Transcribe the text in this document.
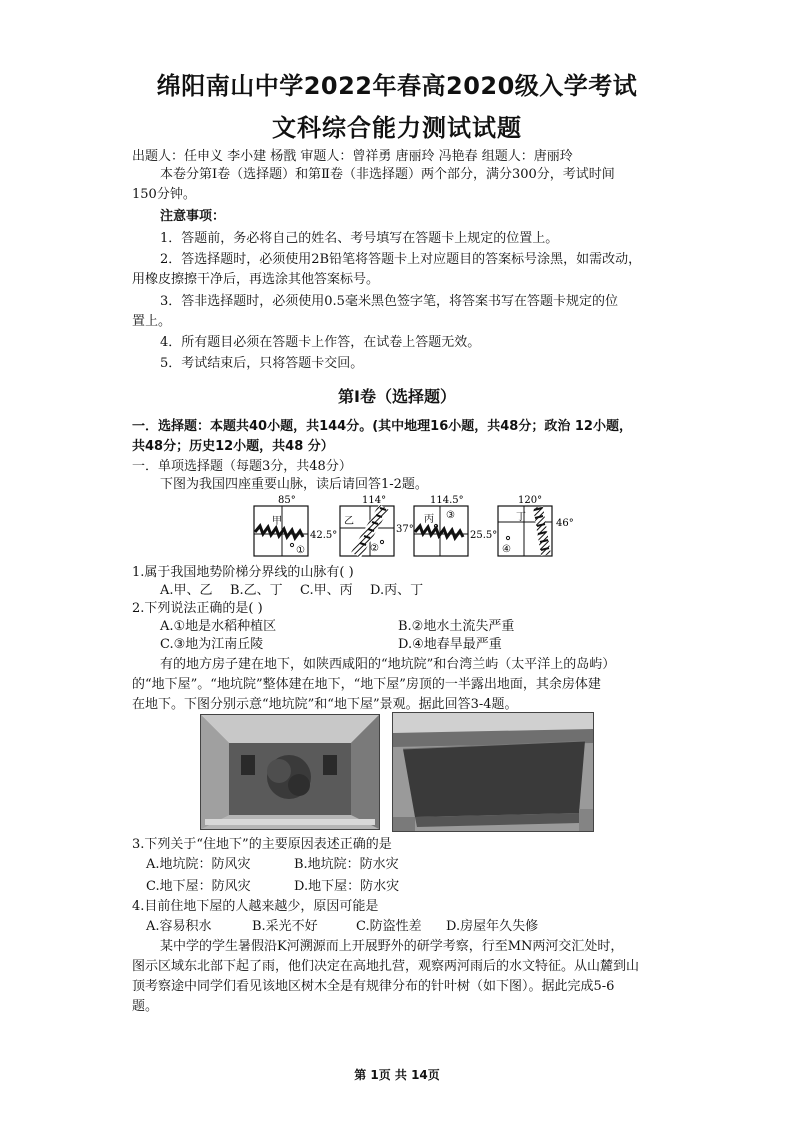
绵阳南山中学2022年春高2020级入学考试
文科综合能力测试试题
出题人：任申义 李小建 杨戬 审题人：曾祥勇 唐丽玲 冯艳春 组题人：唐丽玲
本卷分第Ⅰ卷（选择题）和第Ⅱ卷（非选择题）两个部分，满分300分，考试时间
150分钟。
注意事项：
1．答题前，务必将自己的姓名、考号填写在答题卡上规定的位置上。
2．答选择题时，必须使用2B铅笔将答题卡上对应题目的答案标号涂黑，如需改动，
用橡皮擦擦干净后，再选涂其他答案标号。
3．答非选择题时，必须使用0.5毫米黑色签字笔，将答案书写在答题卡规定的位
置上。
4．所有题目必须在答题卡上作答，在试卷上答题无效。
5．考试结束后，只将答题卡交回。
第Ⅰ卷（选择题）
一．选择题：本题共40小题，共144分。(其中地理16小题，共48分；政治 12小题，
共48分；历史12小题，共48 分）
一．单项选择题（每题3分，共48分）
下图为我国四座重要山脉，读后请回答1-2题。
85°
甲
①
42.5°
114°
乙
②
37°
114.5°
丙 ③
25.5°
120°
丁
④
46°
1.属于我国地势阶梯分界线的山脉有( )
A.甲、乙 B.乙、丁 C.甲、丙 D.丙、丁
2.下列说法正确的是( )
A.①地是水稻种植区	B.②地水土流失严重
C.③地为江南丘陵	D.④地春旱最严重
有的地方房子建在地下，如陕西咸阳的“地坑院”和台湾兰屿（太平洋上的岛屿）
的“地下屋”。“地坑院”整体建在地下，“地下屋”房顶的一半露出地面，其余房体建
在地下。下图分别示意“地坑院”和“地下屋”景观。据此回答3-4题。
3.下列关于“住地下”的主要原因表述正确的是
A.地坑院：防风灾	B.地坑院：防水灾
C.地下屋：防风灾	D.地下屋：防水灾
4.目前住地下屋的人越来越少，原因可能是
A.容易积水	B.采光不好	C.防盗性差 D.房屋年久失修
某中学的学生暑假沿K河溯源而上开展野外的研学考察，行至MN两河交汇处时，
图示区域东北部下起了雨，他们决定在高地扎营，观察两河雨后的水文特征。从山麓到山
顶考察途中同学们看见该地区树木全是有规律分布的针叶树（如下图）。据此完成5-6
题。
第 1页 共 14页
